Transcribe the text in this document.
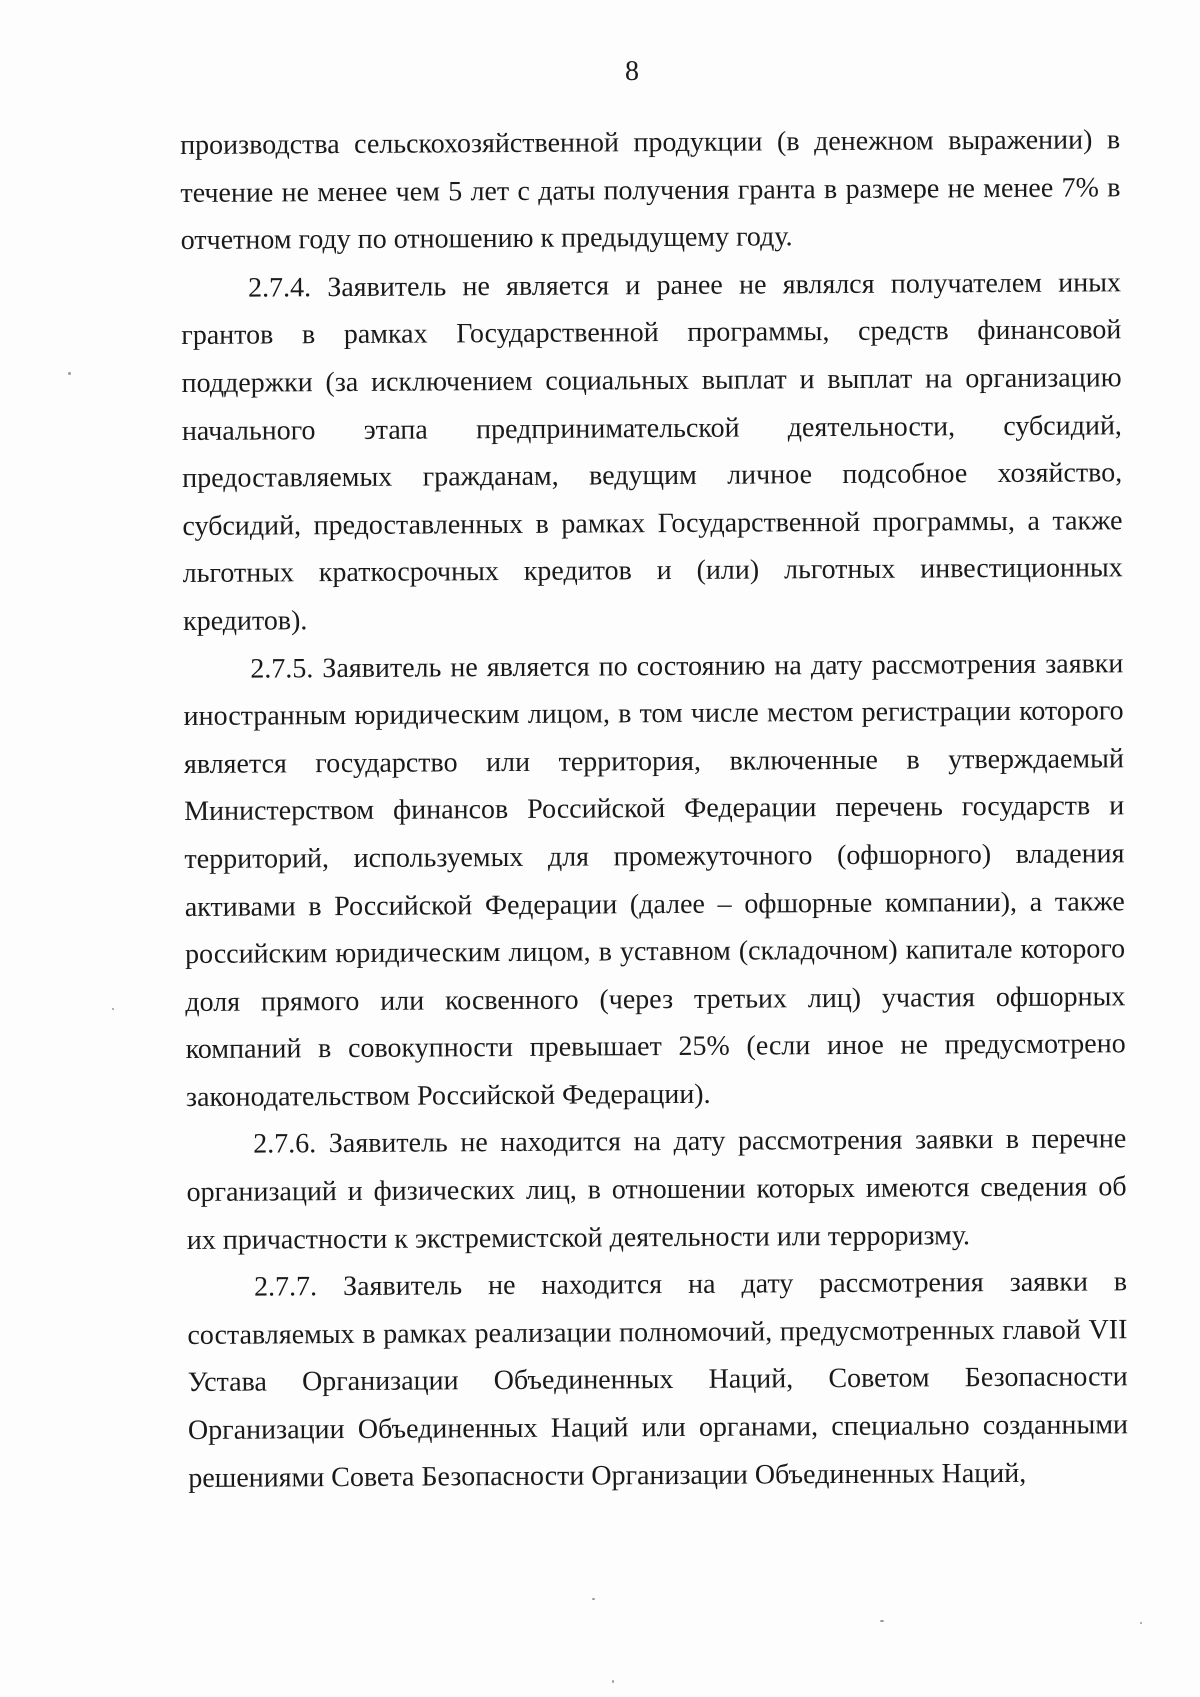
8

производства сельскохозяйственной продукции (в денежном выражении) в течение не менее чем 5 лет с даты получения гранта в размере не менее 7% в отчетном году по отношению к предыдущему году.

2.7.4. Заявитель не является и ранее не являлся получателем иных грантов в рамках Государственной программы, средств финансовой поддержки (за исключением социальных выплат и выплат на организацию начального этапа предпринимательской деятельности, субсидий, предоставляемых гражданам, ведущим личное подсобное хозяйство, субсидий, предоставленных в рамках Государственной программы, а также льготных краткосрочных кредитов и (или) льготных инвестиционных кредитов).

2.7.5. Заявитель не является по состоянию на дату рассмотрения заявки иностранным юридическим лицом, в том числе местом регистрации которого является государство или территория, включенные в утверждаемый Министерством финансов Российской Федерации перечень государств и территорий, используемых для промежуточного (офшорного) владения активами в Российской Федерации (далее – офшорные компании), а также российским юридическим лицом, в уставном (складочном) капитале которого доля прямого или косвенного (через третьих лиц) участия офшорных компаний в совокупности превышает 25% (если иное не предусмотрено законодательством Российской Федерации).

2.7.6. Заявитель не находится на дату рассмотрения заявки в перечне организаций и физических лиц, в отношении которых имеются сведения об их причастности к экстремистской деятельности или терроризму.

2.7.7. Заявитель не находится на дату рассмотрения заявки в составляемых в рамках реализации полномочий, предусмотренных главой VII Устава Организации Объединенных Наций, Советом Безопасности Организации Объединенных Наций или органами, специально созданными решениями Совета Безопасности Организации Объединенных Наций,
